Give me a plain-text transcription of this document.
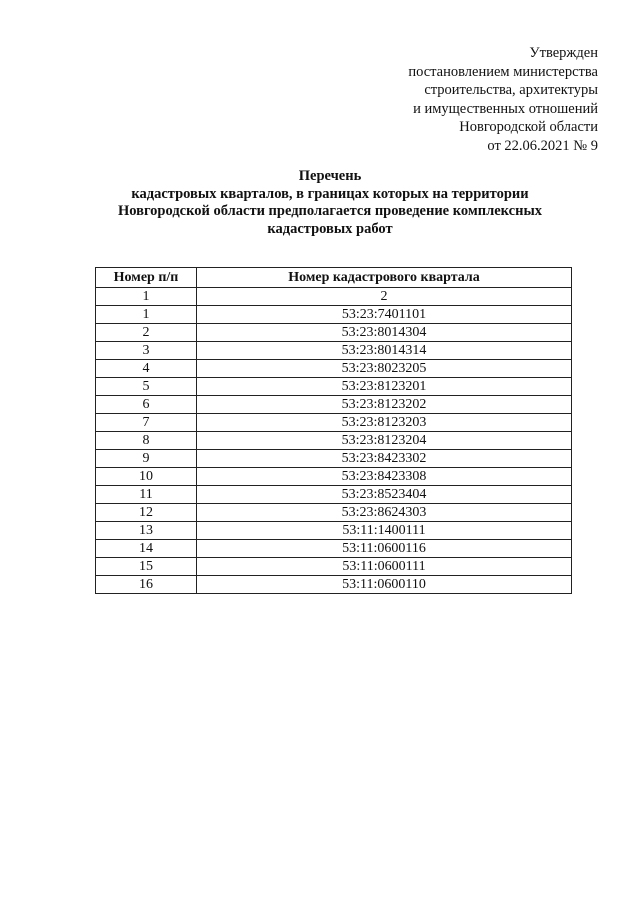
Утвержден
постановлением министерства
строительства, архитектуры
и имущественных отношений
Новгородской области
от 22.06.2021 № 9
Перечень
кадастровых кварталов, в границах которых на территории
Новгородской области предполагается проведение комплексных
кадастровых работ
Номер п/п	Номер кадастрового квартала
1	2
1	53:23:7401101
2	53:23:8014304
3	53:23:8014314
4	53:23:8023205
5	53:23:8123201
6	53:23:8123202
7	53:23:8123203
8	53:23:8123204
9	53:23:8423302
10	53:23:8423308
11	53:23:8523404
12	53:23:8624303
13	53:11:1400111
14	53:11:0600116
15	53:11:0600111
16	53:11:0600110
